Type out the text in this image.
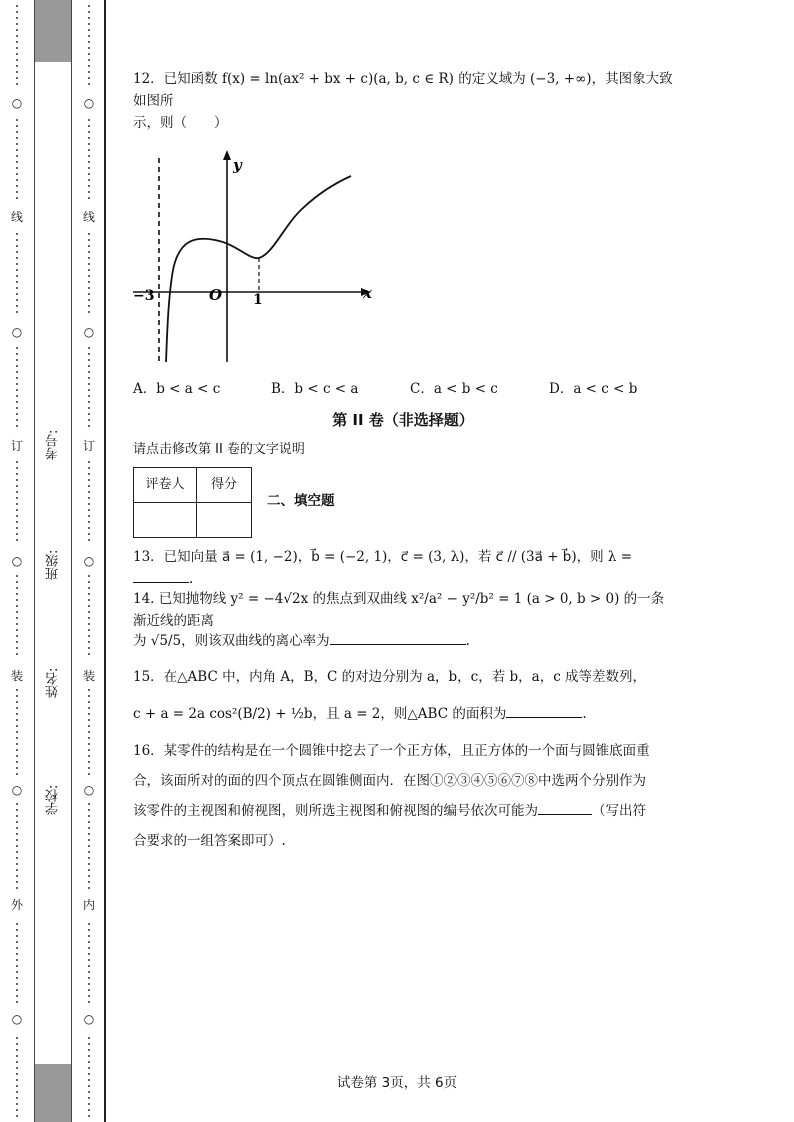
○
线
○
订
○
装
○
外
○
○
线
○
订
○
装
○
内
○
考号:
班级:
姓名:
学校:
12．已知函数 f(x) = ln(ax² + bx + c)(a, b, c ∈ R) 的定义域为 (−3, +∞)，其图象大致如图所
示，则（　　）
y
x
O
−3	1
A．b < a < c	B．b < c < a	C．a < b < c	D．a < c < b
第 II 卷（非选择题）
请点击修改第 II 卷的文字说明
评卷人	得分

二、填空题
13．已知向量 a⃗ = (1, −2)，b⃗ = (−2, 1)，c⃗ = (3, λ)，若 c⃗ // (3a⃗ + b⃗)，则 λ =.
14. 已知抛物线 y² = −4√2x 的焦点到双曲线 x²/a² − y²/b² = 1 (a > 0, b > 0) 的一条渐近线的距离
为 √5/5，则该双曲线的离心率为	.
15．在△ABC 中，内角 A，B，C 的对边分别为 a，b，c，若 b，a，c 成等差数列，
c + a = 2a cos²(B/2) + ½b，且 a = 2，则△ABC 的面积为	.
16．某零件的结构是在一个圆锥中挖去了一个正方体，且正方体的一个面与圆锥底面重
合，该面所对的面的四个顶点在圆锥侧面内．在图①②③④⑤⑥⑦⑧中选两个分别作为
该零件的主视图和俯视图，则所选主视图和俯视图的编号依次可能为	（写出符
合要求的一组答案即可）.
试卷第 3页，共 6页
